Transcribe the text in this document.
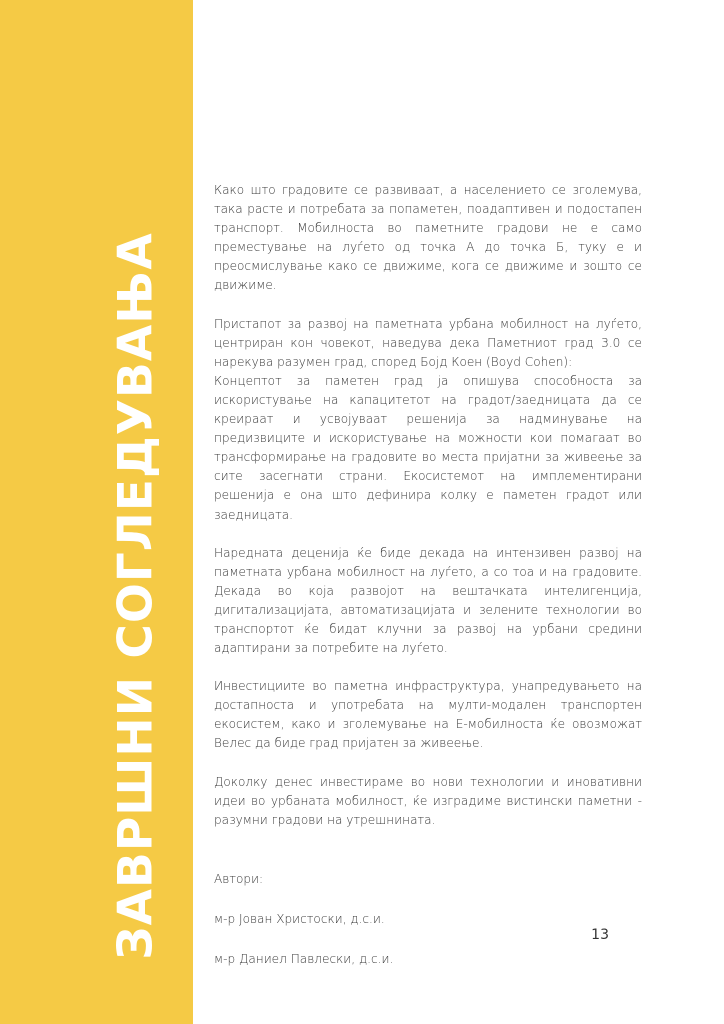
ЗАВРШНИ СОГЛЕДУВАЊА

Како што градовите се развиваат, а населението се зголемува, така расте и потребата за попаметен, поадаптивен и подостапен транспорт. Мобилноста во паметните градови не е само преместување на луѓето од точка А до точка Б, туку е и преосмислување како се движиме, кога се движиме и зошто се движиме.

Пристапот за развој на паметната урбана мобилност на луѓето, центриран кон човекот, наведува дека Паметниот град 3.0 се нарекува разумен град, според Бојд Коен (Boyd Cohen):

Концептот за паметен град ја опишува способноста за искористување на капацитетот на градот/заедницата да се креираат и усвојуваат решенија за надминување на предизвиците и искористување на можности кои помагаат во трансформирање на градовите во места пријатни за живеење за сите засегнати страни. Екосистемот на имплементирани решенија е она што дефинира колку е паметен градот или заедницата.

Наредната деценија ќе биде декада на интензивен развој на паметната урбана мобилност на луѓето, а со тоа и на градовите. Декада во која развојот на вештачката интелигенција, дигитализацијата, автоматизацијата и зелените технологии во транспортот ќе бидат клучни за развој на урбани средини адаптирани за потребите на луѓето.

Инвестициите во паметна инфраструктура, унапредувањето на достапноста и употребата на мулти-модален транспортен екосистем, како и зголемување на Е-мобилноста ќе овозможат Велес да биде град пријатен за живеење.

Доколку денес инвестираме во нови технологии и иновативни идеи во урбаната мобилност, ќе изградиме вистински паметни - разумни градови на утрешнината.

Автори:

м-р Јован Христоски, д.с.и.

м-р Даниел Павлески, д.с.и.

13
